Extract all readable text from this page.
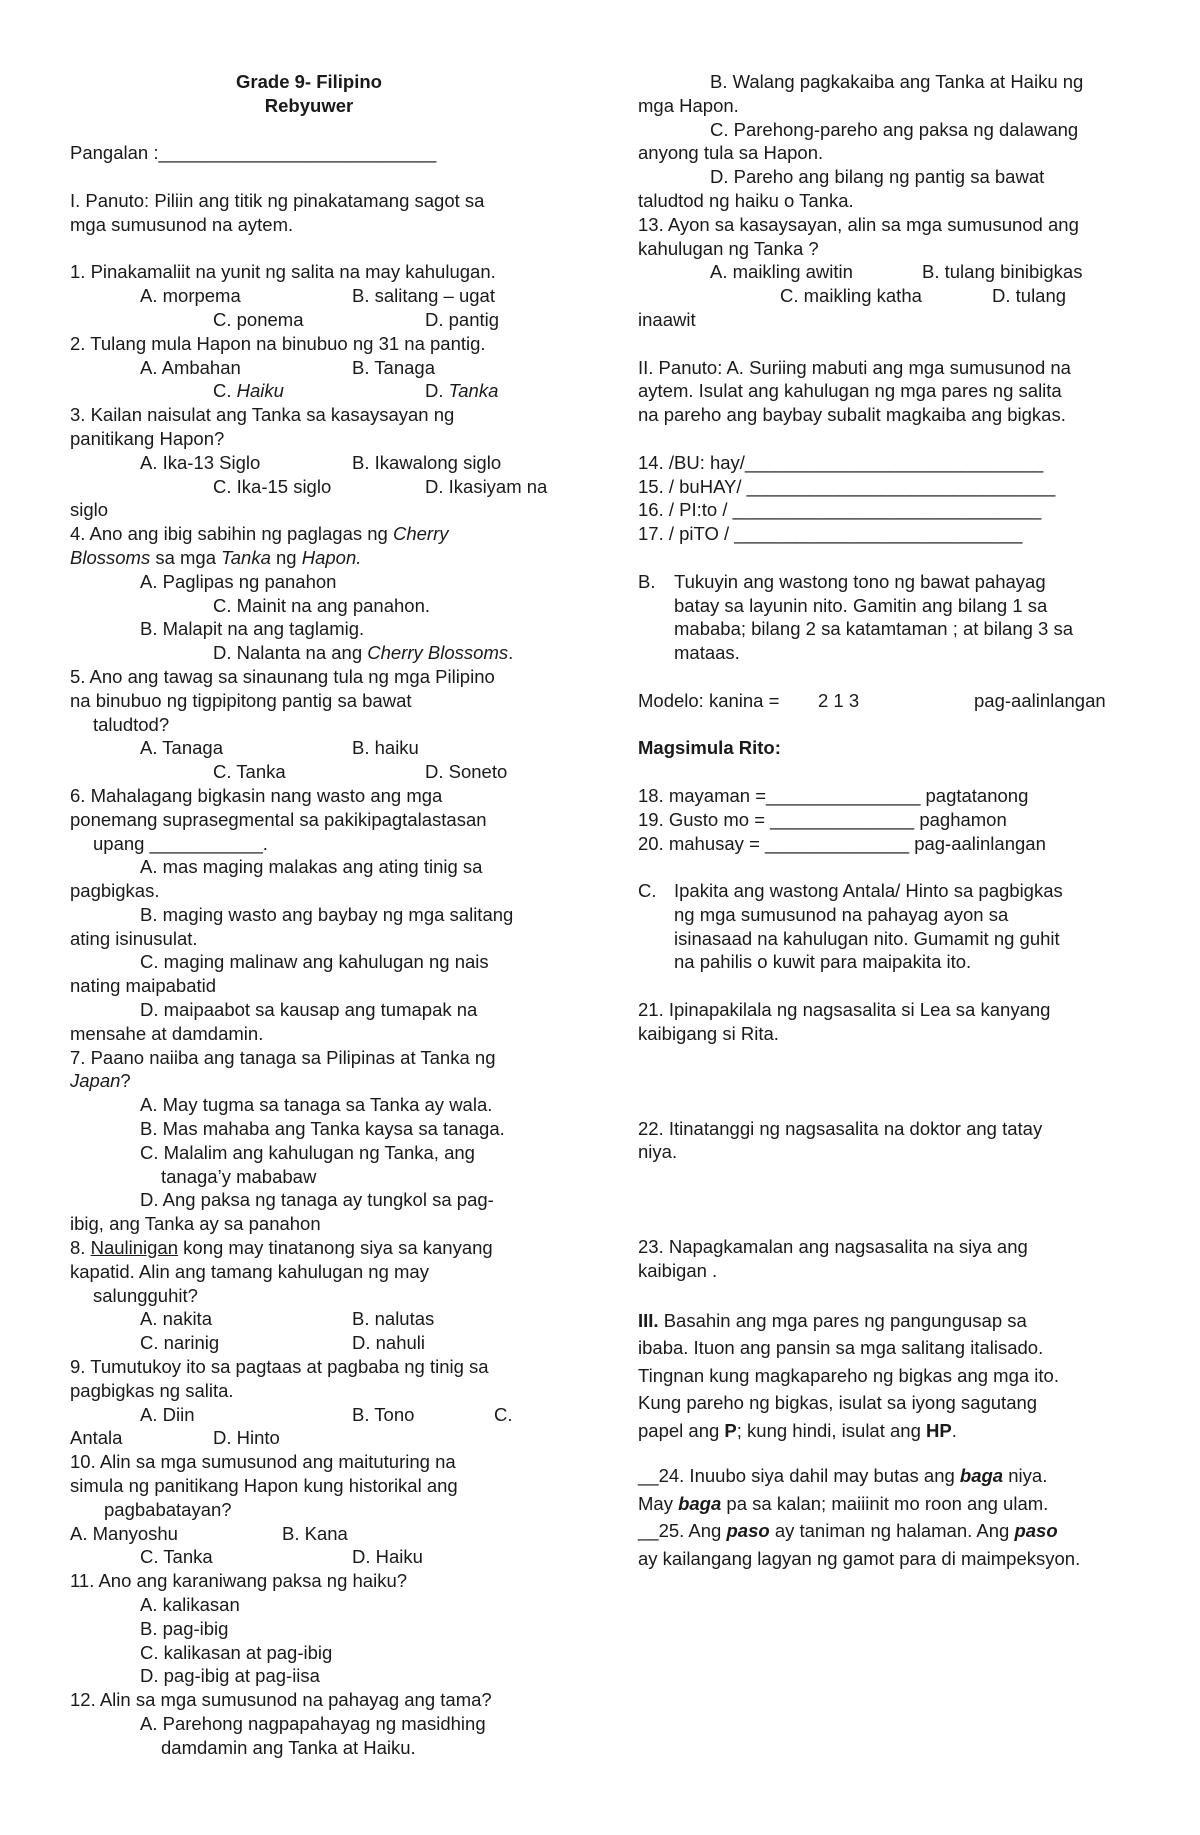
Grade 9- Filipino
Rebyuwer
Pangalan :___________________________
I. Panuto: Piliin ang titik ng pinakatamang sagot sa
mga sumusunod na aytem.
1. Pinakamaliit na yunit ng salita na may kahulugan.
A. morpema	B. salitang – ugat
C. ponema	D. pantig
2. Tulang mula Hapon na binubuo ng 31 na pantig.
A. Ambahan	B. Tanaga
C. Haiku	D. Tanka
3. Kailan naisulat ang Tanka sa kasaysayan ng
panitikang Hapon?
A. Ika-13 Siglo	B. Ikawalong siglo
C. Ika-15 siglo	D. Ikasiyam na
siglo
4. Ano ang ibig sabihin ng paglagas ng Cherry
Blossoms sa mga Tanka ng Hapon.
A. Paglipas ng panahon
C. Mainit na ang panahon.
B. Malapit na ang taglamig.
D. Nalanta na ang Cherry Blossoms.
5. Ano ang tawag sa sinaunang tula ng mga Pilipino
na binubuo ng tigpipitong pantig sa bawat
taludtod?
A. Tanaga	B. haiku
C. Tanka	D. Soneto
6. Mahalagang bigkasin nang wasto ang mga
ponemang suprasegmental sa pakikipagtalastasan
upang ___________.
A. mas maging malakas ang ating tinig sa
pagbigkas.
B. maging wasto ang baybay ng mga salitang
ating isinusulat.
C. maging malinaw ang kahulugan ng nais
nating maipabatid
D. maipaabot sa kausap ang tumapak na
mensahe at damdamin.
7. Paano naiiba ang tanaga sa Pilipinas at Tanka ng
Japan?
A. May tugma sa tanaga sa Tanka ay wala.
B. Mas mahaba ang Tanka kaysa sa tanaga.
C. Malalim ang kahulugan ng Tanka, ang
tanaga’y mababaw
D. Ang paksa ng tanaga ay tungkol sa pag-
ibig, ang Tanka ay sa panahon
8. Naulinigan kong may tinatanong siya sa kanyang
kapatid. Alin ang tamang kahulugan ng may
salungguhit?
A. nakita	B. nalutas
C. narinig	D. nahuli
9. Tumutukoy ito sa pagtaas at pagbaba ng tinig sa
pagbigkas ng salita.
A. Diin	B. Tono	C.
Antala	D. Hinto
10. Alin sa mga sumusunod ang maituturing na
simula ng panitikang Hapon kung historikal ang
pagbabatayan?
A. Manyoshu	B. Kana
C. Tanka	D. Haiku
11. Ano ang karaniwang paksa ng haiku?
A. kalikasan
B. pag-ibig
C. kalikasan at pag-ibig
D. pag-ibig at pag-iisa
12. Alin sa mga sumusunod na pahayag ang tama?
A. Parehong nagpapahayag ng masidhing
damdamin ang Tanka at Haiku.
B. Walang pagkakaiba ang Tanka at Haiku ng
mga Hapon.
C. Parehong-pareho ang paksa ng dalawang
anyong tula sa Hapon.
D. Pareho ang bilang ng pantig sa bawat
taludtod ng haiku o Tanka.
13. Ayon sa kasaysayan, alin sa mga sumusunod ang
kahulugan ng Tanka ?
A. maikling awitin	B. tulang binibigkas
C. maikling katha	D. tulang
inaawit
II. Panuto: A. Suriing mabuti ang mga sumusunod na
aytem. Isulat ang kahulugan ng mga pares ng salita
na pareho ang baybay subalit magkaiba ang bigkas.
14. /BU: hay/_____________________________
15. / buHAY/ ______________________________
16. / PI:to / ______________________________
17. / piTO / ____________________________
B. Tukuyin ang wastong tono ng bawat pahayag
batay sa layunin nito. Gamitin ang bilang 1 sa
mababa; bilang 2 sa katamtaman ; at bilang 3 sa
mataas.
Modelo: kanina = 2 1 3	pag-aalinlangan
Magsimula Rito:
18. mayaman =_______________ pagtatanong
19. Gusto mo = ______________ paghamon
20. mahusay = ______________ pag-aalinlangan
C. Ipakita ang wastong Antala/ Hinto sa pagbigkas
ng mga sumusunod na pahayag ayon sa
isinasaad na kahulugan nito. Gumamit ng guhit
na pahilis o kuwit para maipakita ito.
21. Ipinapakilala ng nagsasalita si Lea sa kanyang
kaibigang si Rita.
22. Itinatanggi ng nagsasalita na doktor ang tatay
niya.
23. Napagkamalan ang nagsasalita na siya ang
kaibigan .
III. Basahin ang mga pares ng pangungusap sa
ibaba. Ituon ang pansin sa mga salitang italisado.
Tingnan kung magkapareho ng bigkas ang mga ito.
Kung pareho ng bigkas, isulat sa iyong sagutang
papel ang P; kung hindi, isulat ang HP.
__24. Inuubo siya dahil may butas ang baga niya.
May baga pa sa kalan; maiiinit mo roon ang ulam.
__25. Ang paso ay taniman ng halaman. Ang paso
ay kailangang lagyan ng gamot para di maimpeksyon.
